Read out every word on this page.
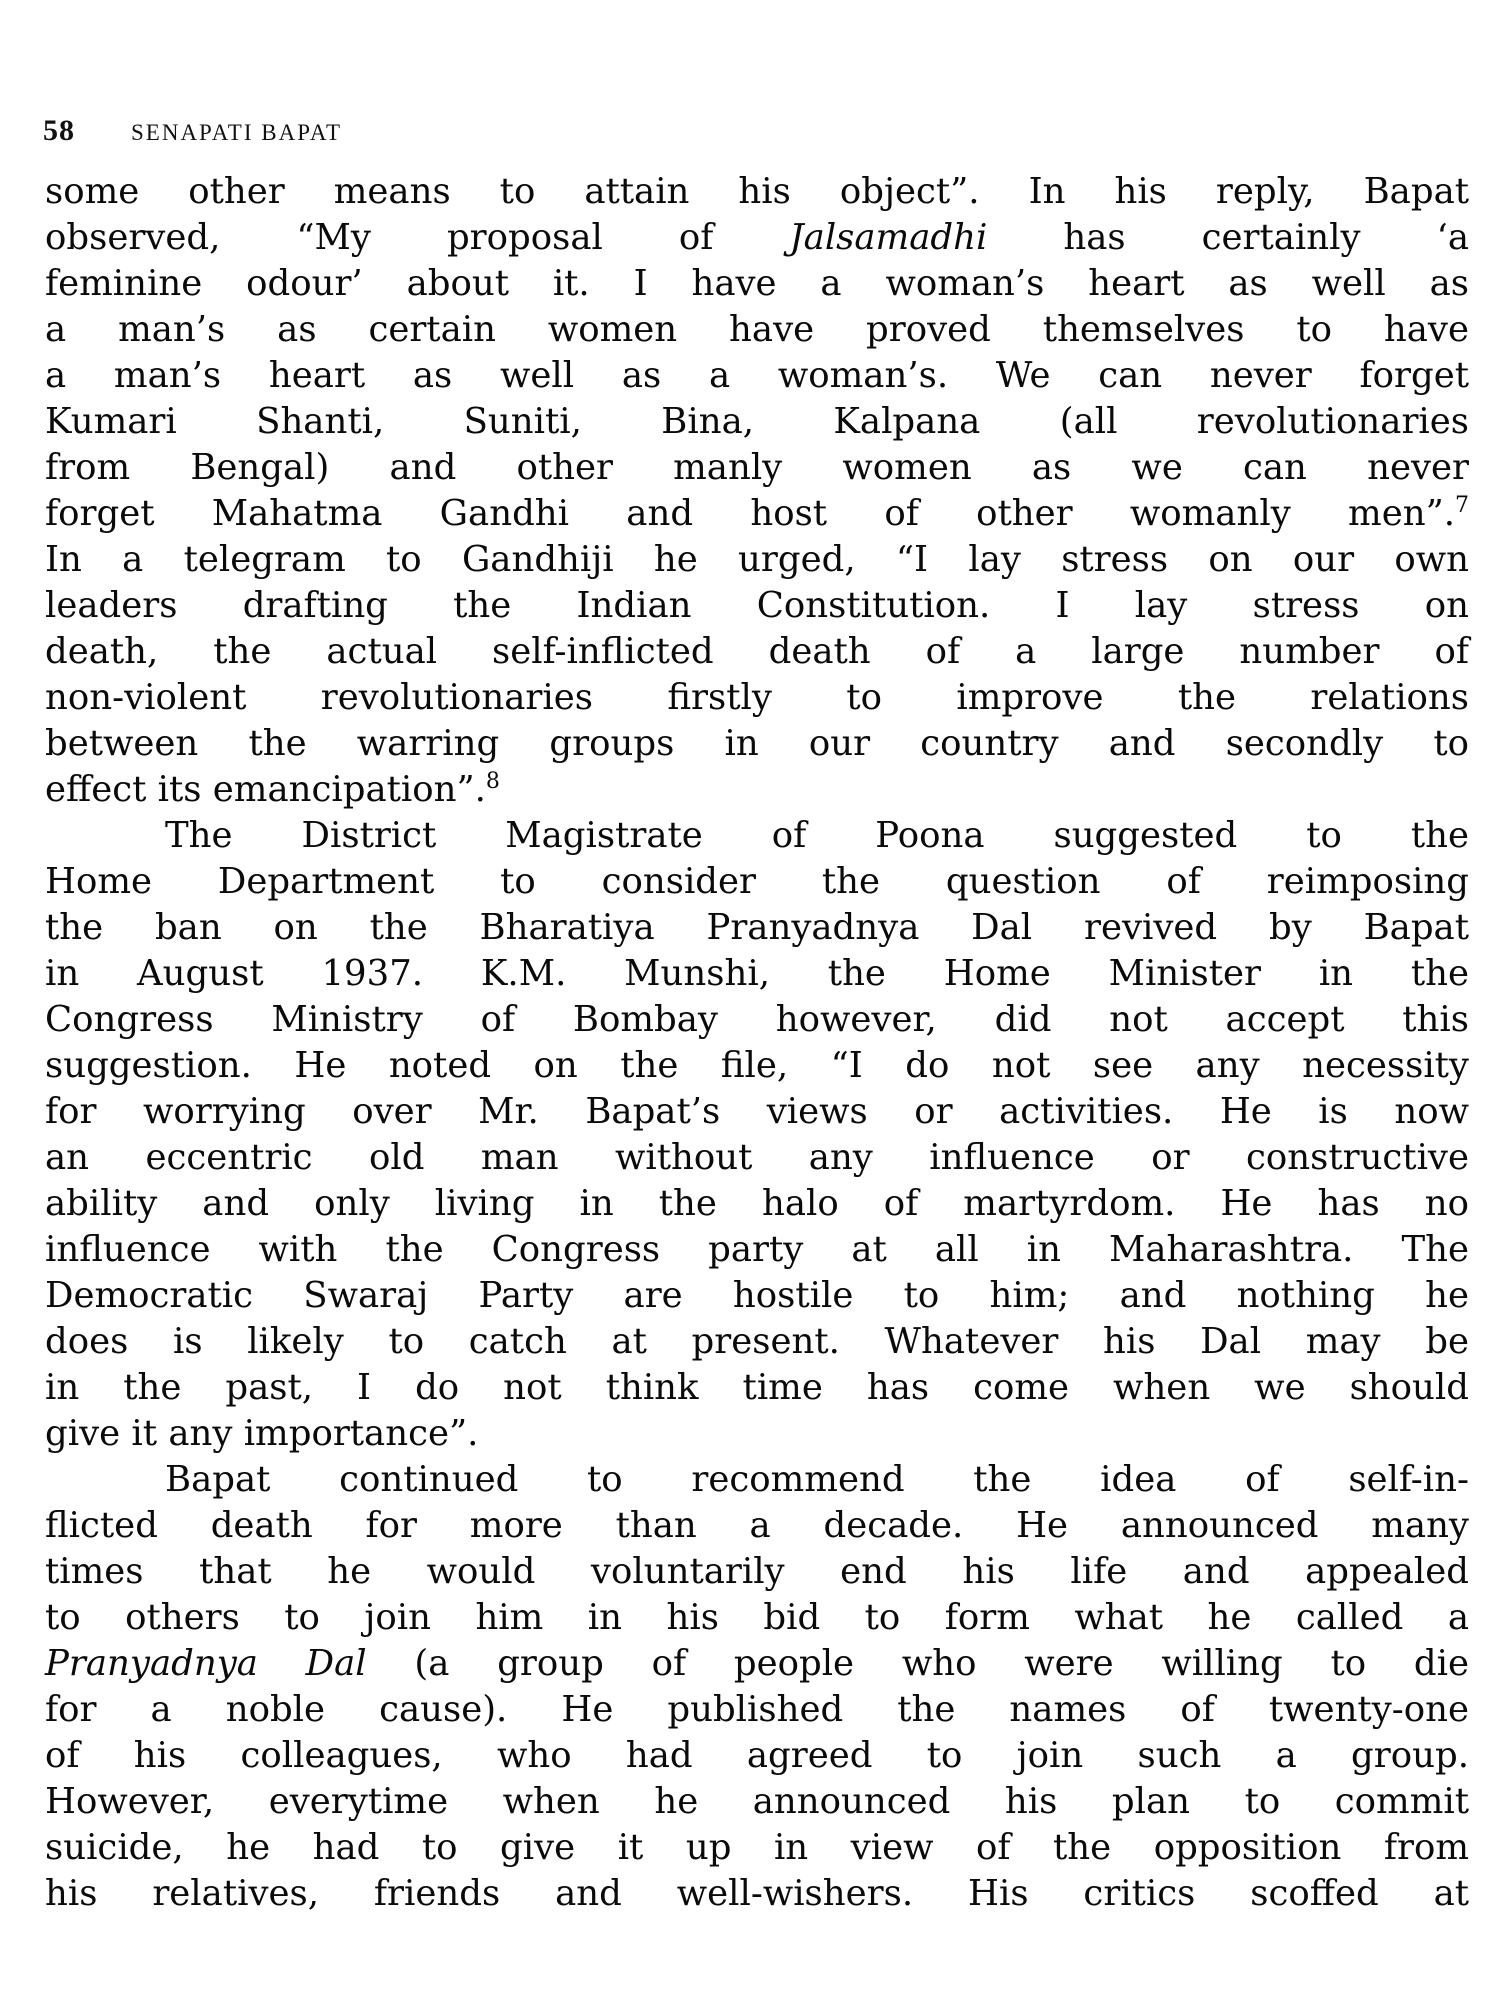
58 SENAPATI BAPAT
some other means to attain his object”. In his reply, Bapat
observed, “My proposal of Jalsamadhi has certainly ‘a
feminine odour’ about it. I have a woman’s heart as well as
a man’s as certain women have proved themselves to have
a man’s heart as well as a woman’s. We can never forget
Kumari Shanti, Suniti, Bina, Kalpana (all revolutionaries
from Bengal) and other manly women as we can never
forget Mahatma Gandhi and host of other womanly men”.$^7$
In a telegram to Gandhiji he urged, “I lay stress on our own
leaders drafting the Indian Constitution. I lay stress on
death, the actual self-inflicted death of a large number of
non-violent revolutionaries firstly to improve the relations
between the warring groups in our country and secondly to
effect its emancipation”.$^8$
The District Magistrate of Poona suggested to the
Home Department to consider the question of reimposing
the ban on the Bharatiya Pranyadnya Dal revived by Bapat
in August 1937. K.M. Munshi, the Home Minister in the
Congress Ministry of Bombay however, did not accept this
suggestion. He noted on the file, “I do not see any necessity
for worrying over Mr. Bapat’s views or activities. He is now
an eccentric old man without any influence or constructive
ability and only living in the halo of martyrdom. He has no
influence with the Congress party at all in Maharashtra. The
Democratic Swaraj Party are hostile to him; and nothing he
does is likely to catch at present. Whatever his Dal may be
in the past, I do not think time has come when we should
give it any importance”.
Bapat continued to recommend the idea of self-in-
flicted death for more than a decade. He announced many
times that he would voluntarily end his life and appealed
to others to join him in his bid to form what he called a
Pranyadnya Dal (a group of people who were willing to die
for a noble cause). He published the names of twenty-one
of his colleagues, who had agreed to join such a group.
However, everytime when he announced his plan to commit
suicide, he had to give it up in view of the opposition from
his relatives, friends and well-wishers. His critics scoffed at
